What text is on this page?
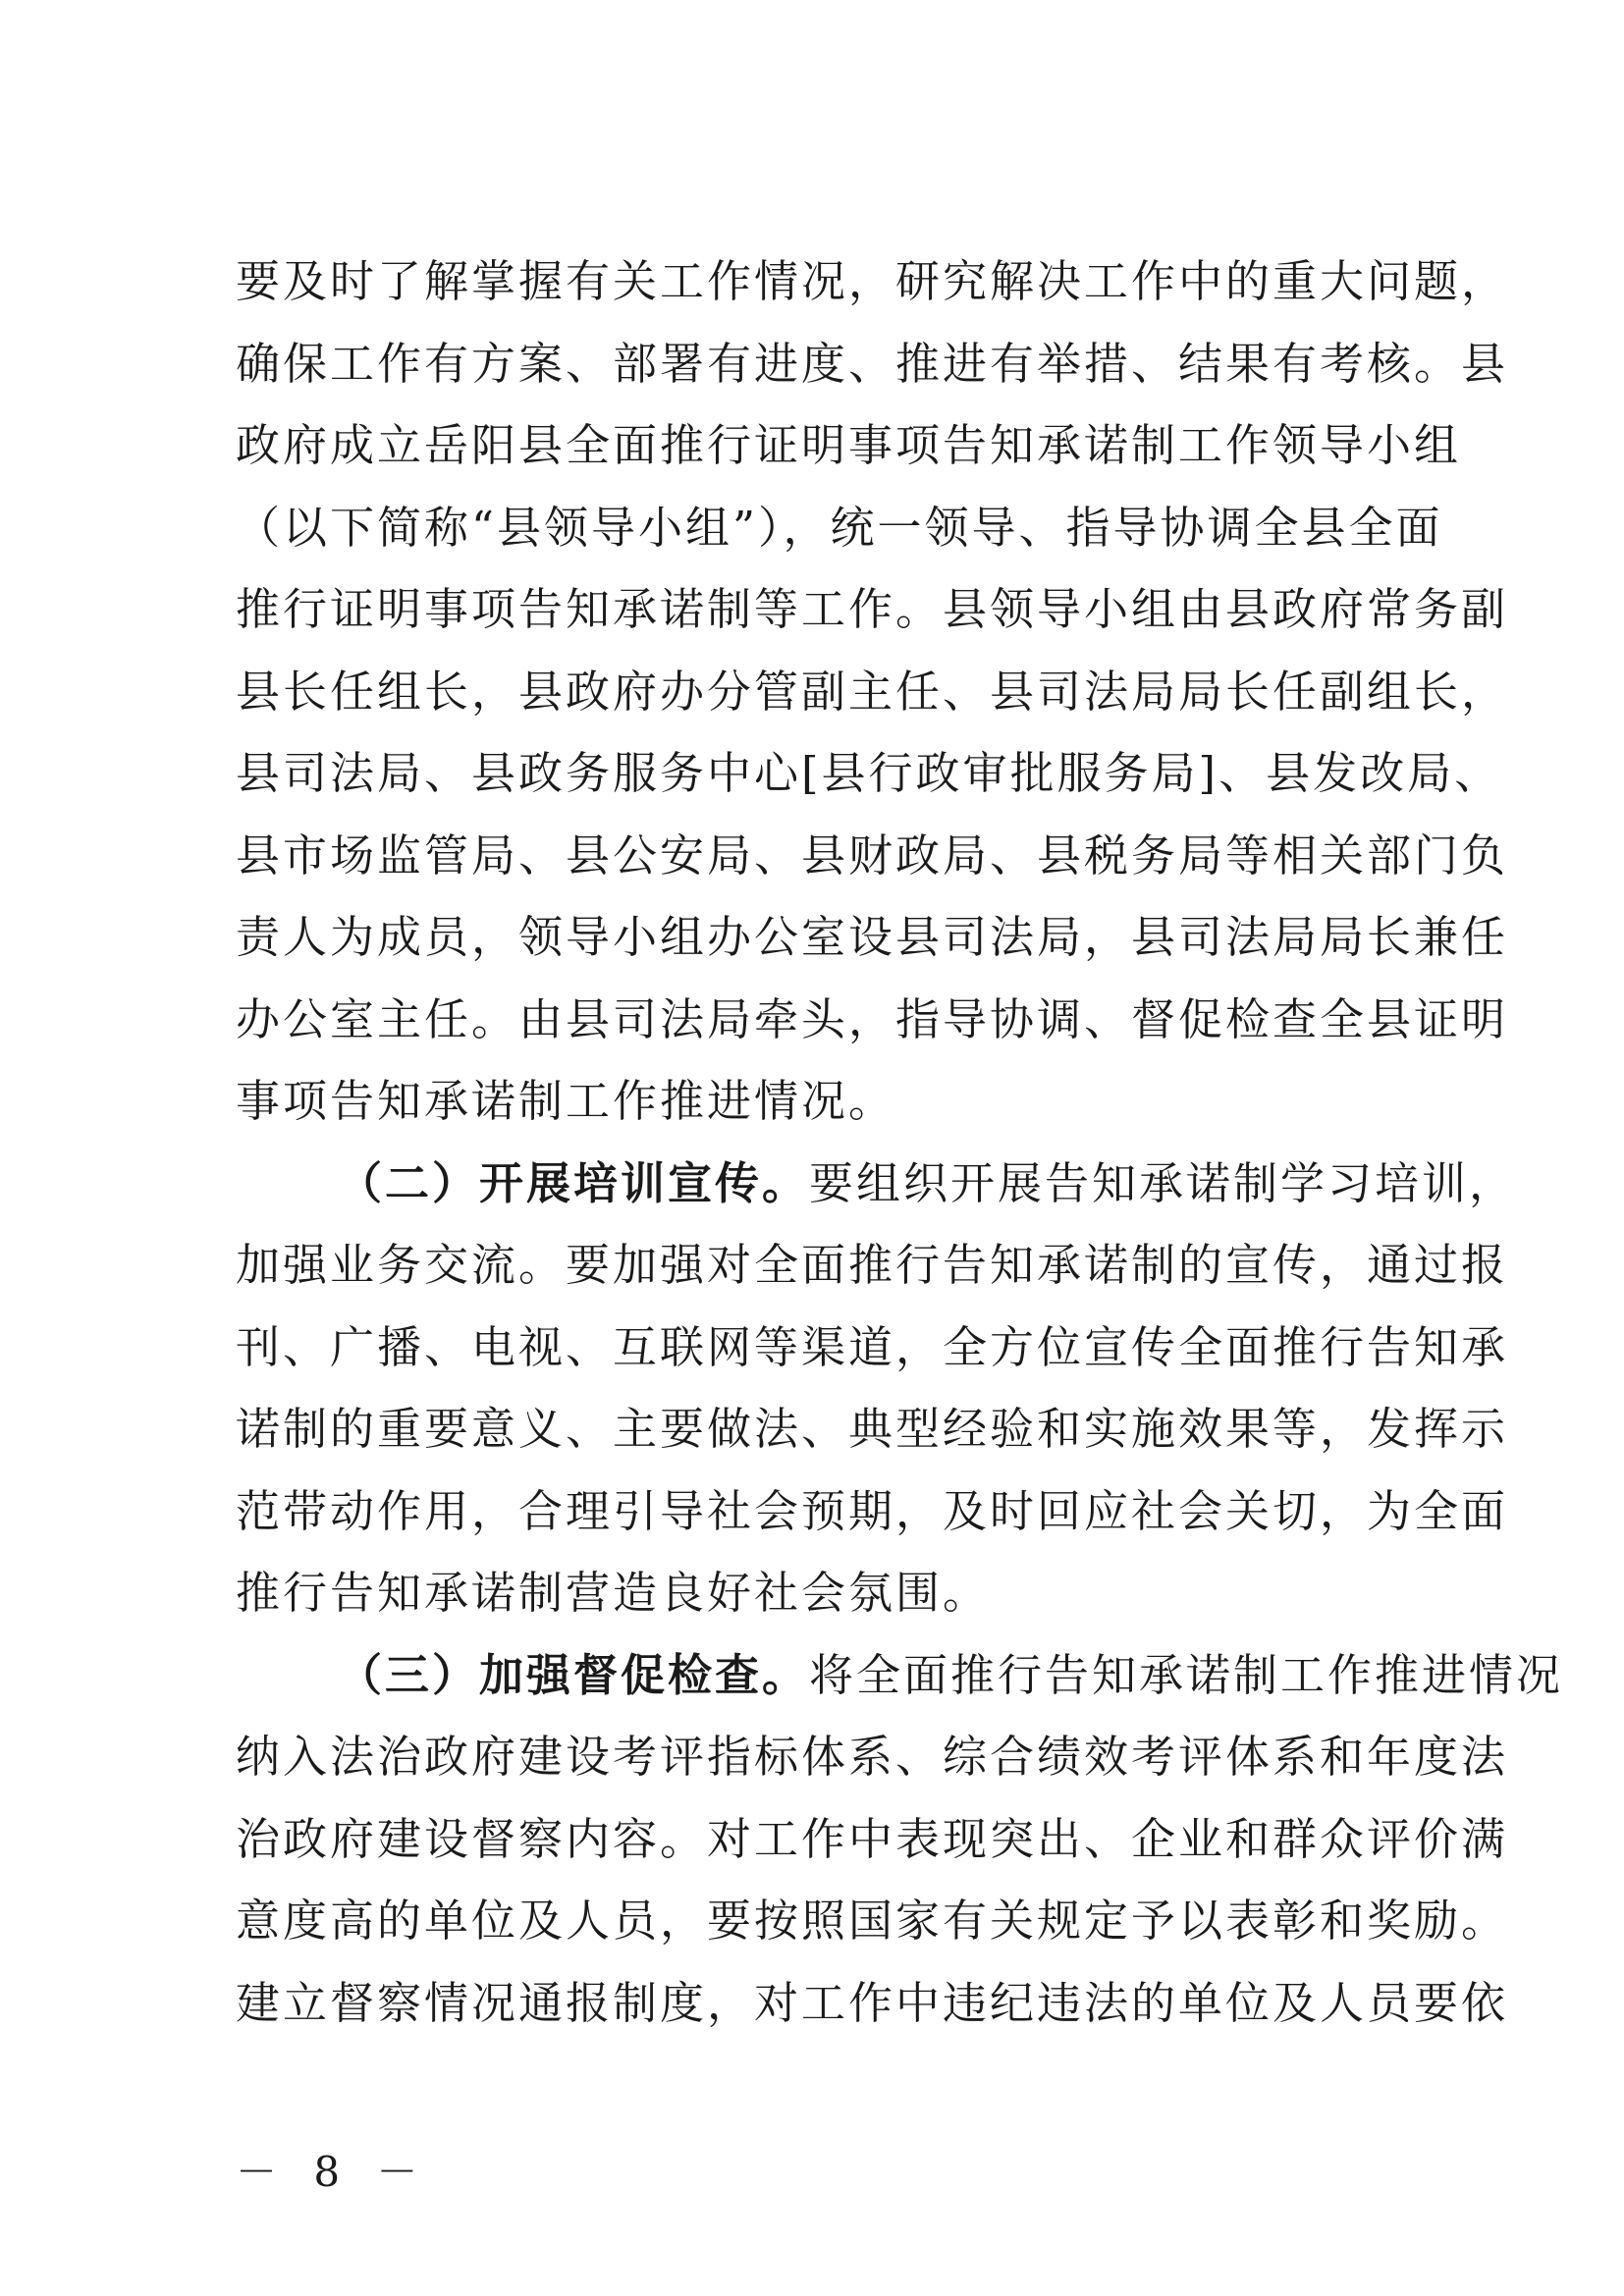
要及时了解掌握有关工作情况，研究解决工作中的重大问题，
确保工作有方案、部署有进度、推进有举措、结果有考核。县
政府成立岳阳县全面推行证明事项告知承诺制工作领导小组
（以下简称“县领导小组”），统一领导、指导协调全县全面
推行证明事项告知承诺制等工作。县领导小组由县政府常务副
县长任组长，县政府办分管副主任、县司法局局长任副组长，
县司法局、县政务服务中心[县行政审批服务局]、县发改局、
县市场监管局、县公安局、县财政局、县税务局等相关部门负
责人为成员，领导小组办公室设县司法局，县司法局局长兼任
办公室主任。由县司法局牵头，指导协调、督促检查全县证明
事项告知承诺制工作推进情况。
（二）开展培训宣传。要组织开展告知承诺制学习培训，
加强业务交流。要加强对全面推行告知承诺制的宣传，通过报
刊、广播、电视、互联网等渠道，全方位宣传全面推行告知承
诺制的重要意义、主要做法、典型经验和实施效果等，发挥示
范带动作用，合理引导社会预期，及时回应社会关切，为全面
推行告知承诺制营造良好社会氛围。
（三）加强督促检查。将全面推行告知承诺制工作推进情况
纳入法治政府建设考评指标体系、综合绩效考评体系和年度法
治政府建设督察内容。对工作中表现突出、企业和群众评价满
意度高的单位及人员，要按照国家有关规定予以表彰和奖励。
建立督察情况通报制度，对工作中违纪违法的单位及人员要依
－ 8 －
